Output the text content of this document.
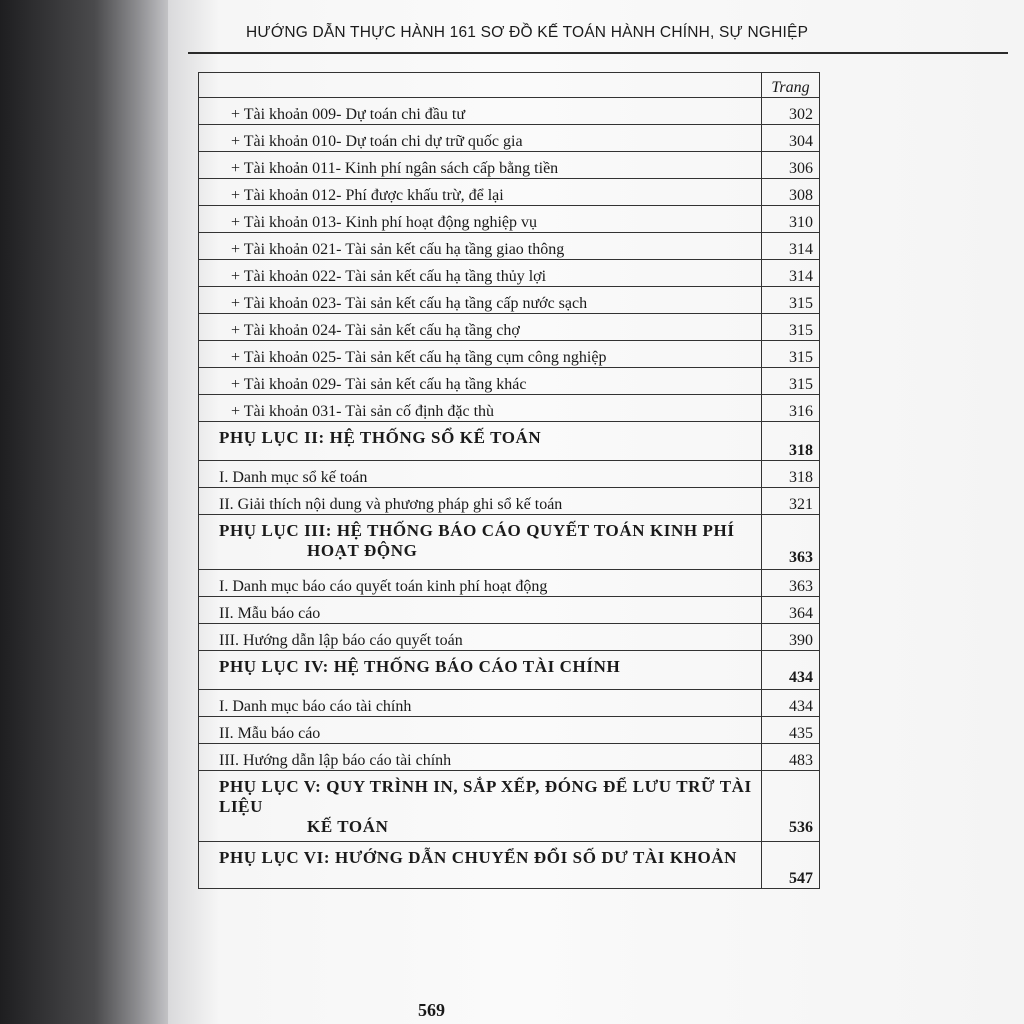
HƯỚNG DẪN THỰC HÀNH 161 SƠ ĐỒ KẾ TOÁN HÀNH CHÍNH, SỰ NGHIỆP
	Trang
+ Tài khoản 009- Dự toán chi đầu tư	302
+ Tài khoản 010- Dự toán chi dự trữ quốc gia	304
+ Tài khoản 011- Kinh phí ngân sách cấp bằng tiền	306
+ Tài khoản 012- Phí được khấu trừ, để lại	308
+ Tài khoản 013- Kinh phí hoạt động nghiệp vụ	310
+ Tài khoản 021- Tài sản kết cấu hạ tầng giao thông	314
+ Tài khoản 022- Tài sản kết cấu hạ tầng thủy lợi	314
+ Tài khoản 023- Tài sản kết cấu hạ tầng cấp nước sạch	315
+ Tài khoản 024- Tài sản kết cấu hạ tầng chợ	315
+ Tài khoản 025- Tài sản kết cấu hạ tầng cụm công nghiệp	315
+ Tài khoản 029- Tài sản kết cấu hạ tầng khác	315
+ Tài khoản 031- Tài sản cố định đặc thù	316
PHỤ LỤC II: HỆ THỐNG SỔ KẾ TOÁN	318
I. Danh mục sổ kế toán	318
II. Giải thích nội dung và phương pháp ghi sổ kế toán	321
PHỤ LỤC III: HỆ THỐNG BÁO CÁO QUYẾT TOÁN KINH PHÍ
HOẠT ĐỘNG	363
I. Danh mục báo cáo quyết toán kinh phí hoạt động	363
II. Mẫu báo cáo	364
III. Hướng dẫn lập báo cáo quyết toán	390
PHỤ LỤC IV: HỆ THỐNG BÁO CÁO TÀI CHÍNH	434
I. Danh mục báo cáo tài chính	434
II. Mẫu báo cáo	435
III. Hướng dẫn lập báo cáo tài chính	483
PHỤ LỤC V: QUY TRÌNH IN, SẮP XẾP, ĐÓNG ĐỂ LƯU TRỮ TÀI LIỆU
KẾ TOÁN	536
PHỤ LỤC VI: HƯỚNG DẪN CHUYỂN ĐỔI SỐ DƯ TÀI KHOẢN	547
569
